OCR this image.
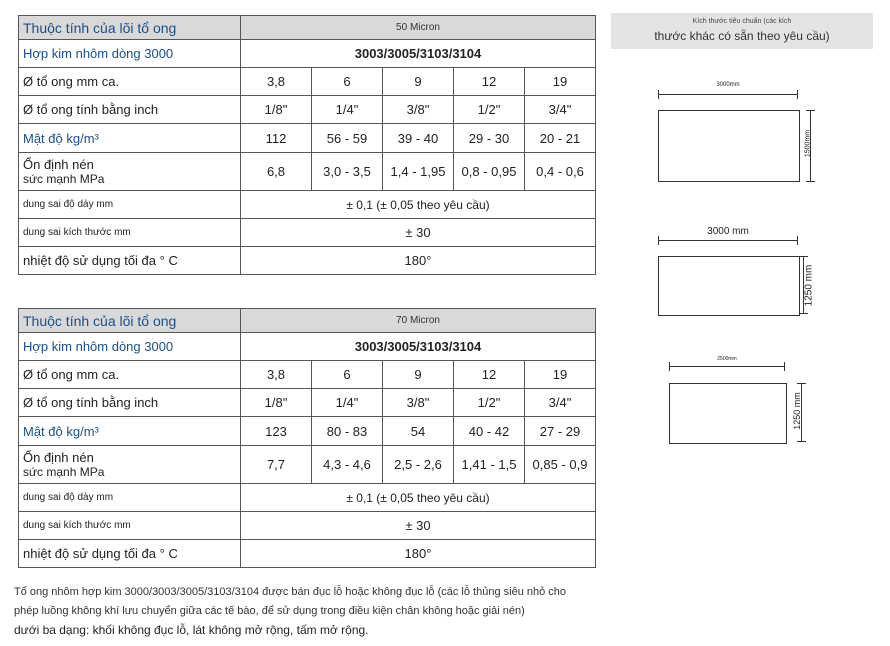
Thuộc tính của lõi tổ ong	50 Micron				
Hợp kim nhôm dòng 3000	3003/3005/3103/3104				
Ø tổ ong mm ca.	3,8	6	9	12	19
Ø tổ ong tính bằng inch	1/8"	1/4"	3/8"	1/2"	3/4"
Mật độ kg/m³	112	56 - 59	39 - 40	29 - 30	20 - 21

Ổn định nén
sức mạnh MPa	6,8	3,0 - 3,5	1,4 - 1,95	0,8 - 0,95	0,4 - 0,6
dung sai độ dày mm	± 0,1 (± 0,05 theo yêu cầu)				
dung sai kích thước mm	± 30				
nhiệt độ sử dụng tối đa ° C	180°				
Thuộc tính của lõi tổ ong	70 Micron				
Hợp kim nhôm dòng 3000	3003/3005/3103/3104				
Ø tổ ong mm ca.	3,8	6	9	12	19
Ø tổ ong tính bằng inch	1/8"	1/4"	3/8"	1/2"	3/4"
Mật độ kg/m³	123	80 - 83	54	40 - 42	27 - 29

Ổn định nén
sức mạnh MPa	7,7	4,3 - 4,6	2,5 - 2,6	1,41 - 1,5	0,85 - 0,9
dung sai độ dày mm	± 0,1 (± 0,05 theo yêu cầu)				
dung sai kích thước mm	± 30				
nhiệt độ sử dụng tối đa ° C	180°				
Kích thước tiêu chuẩn (các kích
thước khác có sẵn theo yêu cầu)
3000mm
1500mm
3000 mm
1250 mm
2500mm
1250 mm
Tổ ong nhôm hợp kim 3000/3003/3005/3103/3104 được bán đục lỗ hoặc không đục lỗ (các lỗ thủng siêu nhỏ cho
phép luồng không khí lưu chuyển giữa các tế bào, để sử dụng trong điều kiện chân không hoặc giải nén)
dưới ba dạng: khối không đục lỗ, lát không mở rộng, tấm mở rộng.
